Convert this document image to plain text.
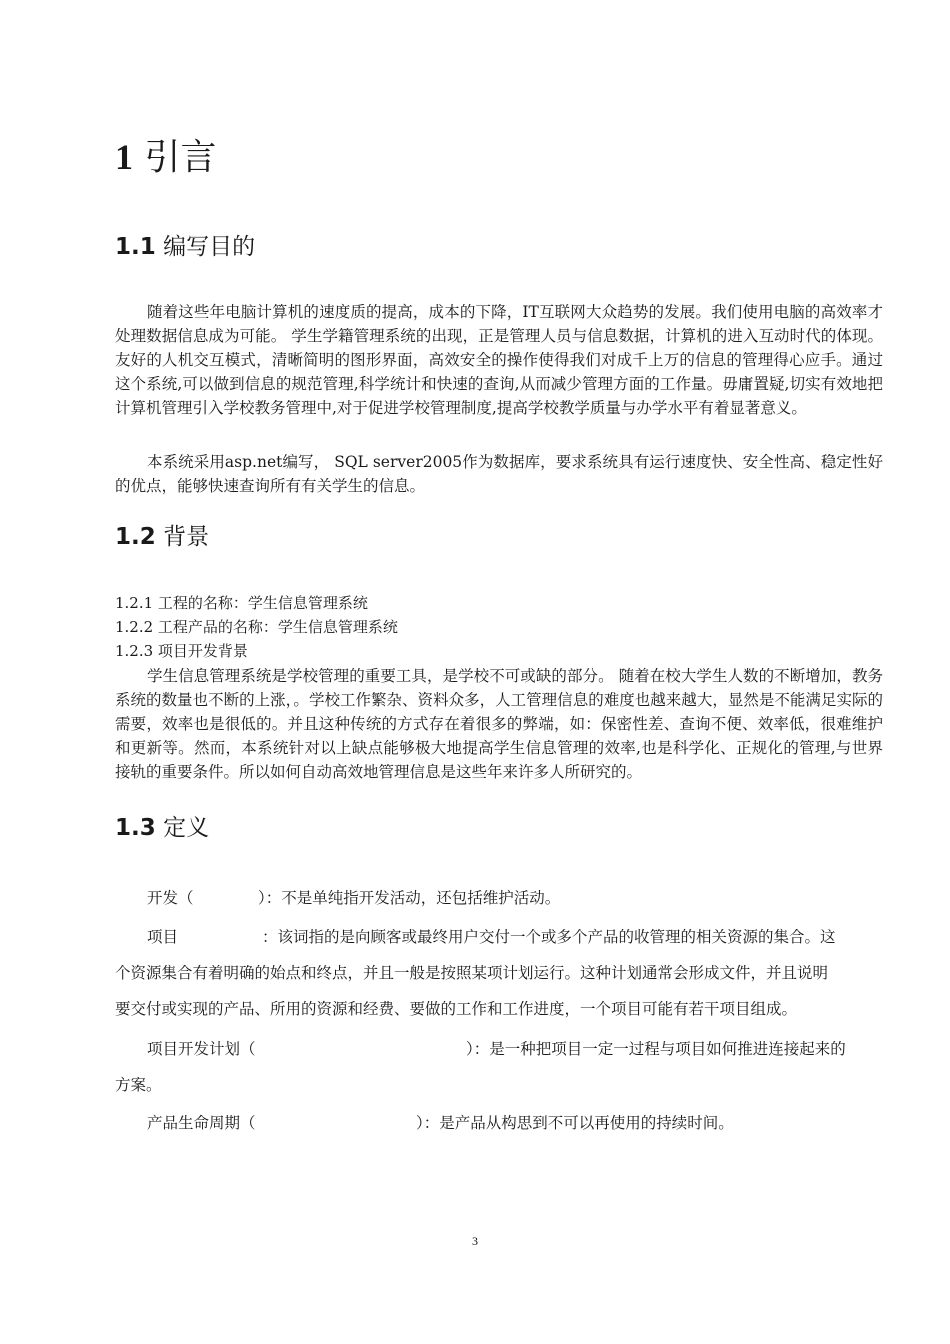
1 引言
1.1 编写目的

随着这些年电脑计算机的速度质的提高，成本的下降，IT互联网大众趋势的发展。我们使用电脑的高效率才处理数据信息成为可能。 学生学籍管理系统的出现，正是管理人员与信息数据，计算机的进入互动时代的体现。友好的人机交互模式，清晰简明的图形界面，高效安全的操作使得我们对成千上万的信息的管理得心应手。通过这个系统,可以做到信息的规范管理,科学统计和快速的查询,从而减少管理方面的工作量。毋庸置疑,切实有效地把计算机管理引入学校教务管理中,对于促进学校管理制度,提高学校教学质量与办学水平有着显著意义。

本系统采用asp.net编写， SQL server2005作为数据库，要求系统具有运行速度快、安全性高、稳定性好的优点，能够快速查询所有有关学生的信息。

1.2 背景
1.2.1 工程的名称：学生信息管理系统
1.2.2 工程产品的名称：学生信息管理系统
1.2.3 项目开发背景

学生信息管理系统是学校管理的重要工具，是学校不可或缺的部分。 随着在校大学生人数的不断增加，教务系统的数量也不断的上涨，。学校工作繁杂、资料众多，人工管理信息的难度也越来越大，显然是不能满足实际的需要，效率也是很低的。并且这种传统的方式存在着很多的弊端，如：保密性差、查询不便、效率低，很难维护和更新等。然而，本系统针对以上缺点能够极大地提高学生信息管理的效率,也是科学化、正规化的管理,与世界接轨的重要条件。所以如何自动高效地管理信息是这些年来许多人所研究的。

1.3 定义
开发（	）：不是单纯指开发活动，还包括维护活动。
项目	：该词指的是向顾客或最终用户交付一个或多个产品的收管理的相关资源的集合。这
个资源集合有着明确的始点和终点，并且一般是按照某项计划运行。这种计划通常会形成文件，并且说明
要交付或实现的产品、所用的资源和经费、要做的工作和工作进度，一个项目可能有若干项目组成。
项目开发计划（	）：是一种把项目一定一过程与项目如何推进连接起来的
方案。
产品生命周期（	）：是产品从构思到不可以再使用的持续时间。
3
